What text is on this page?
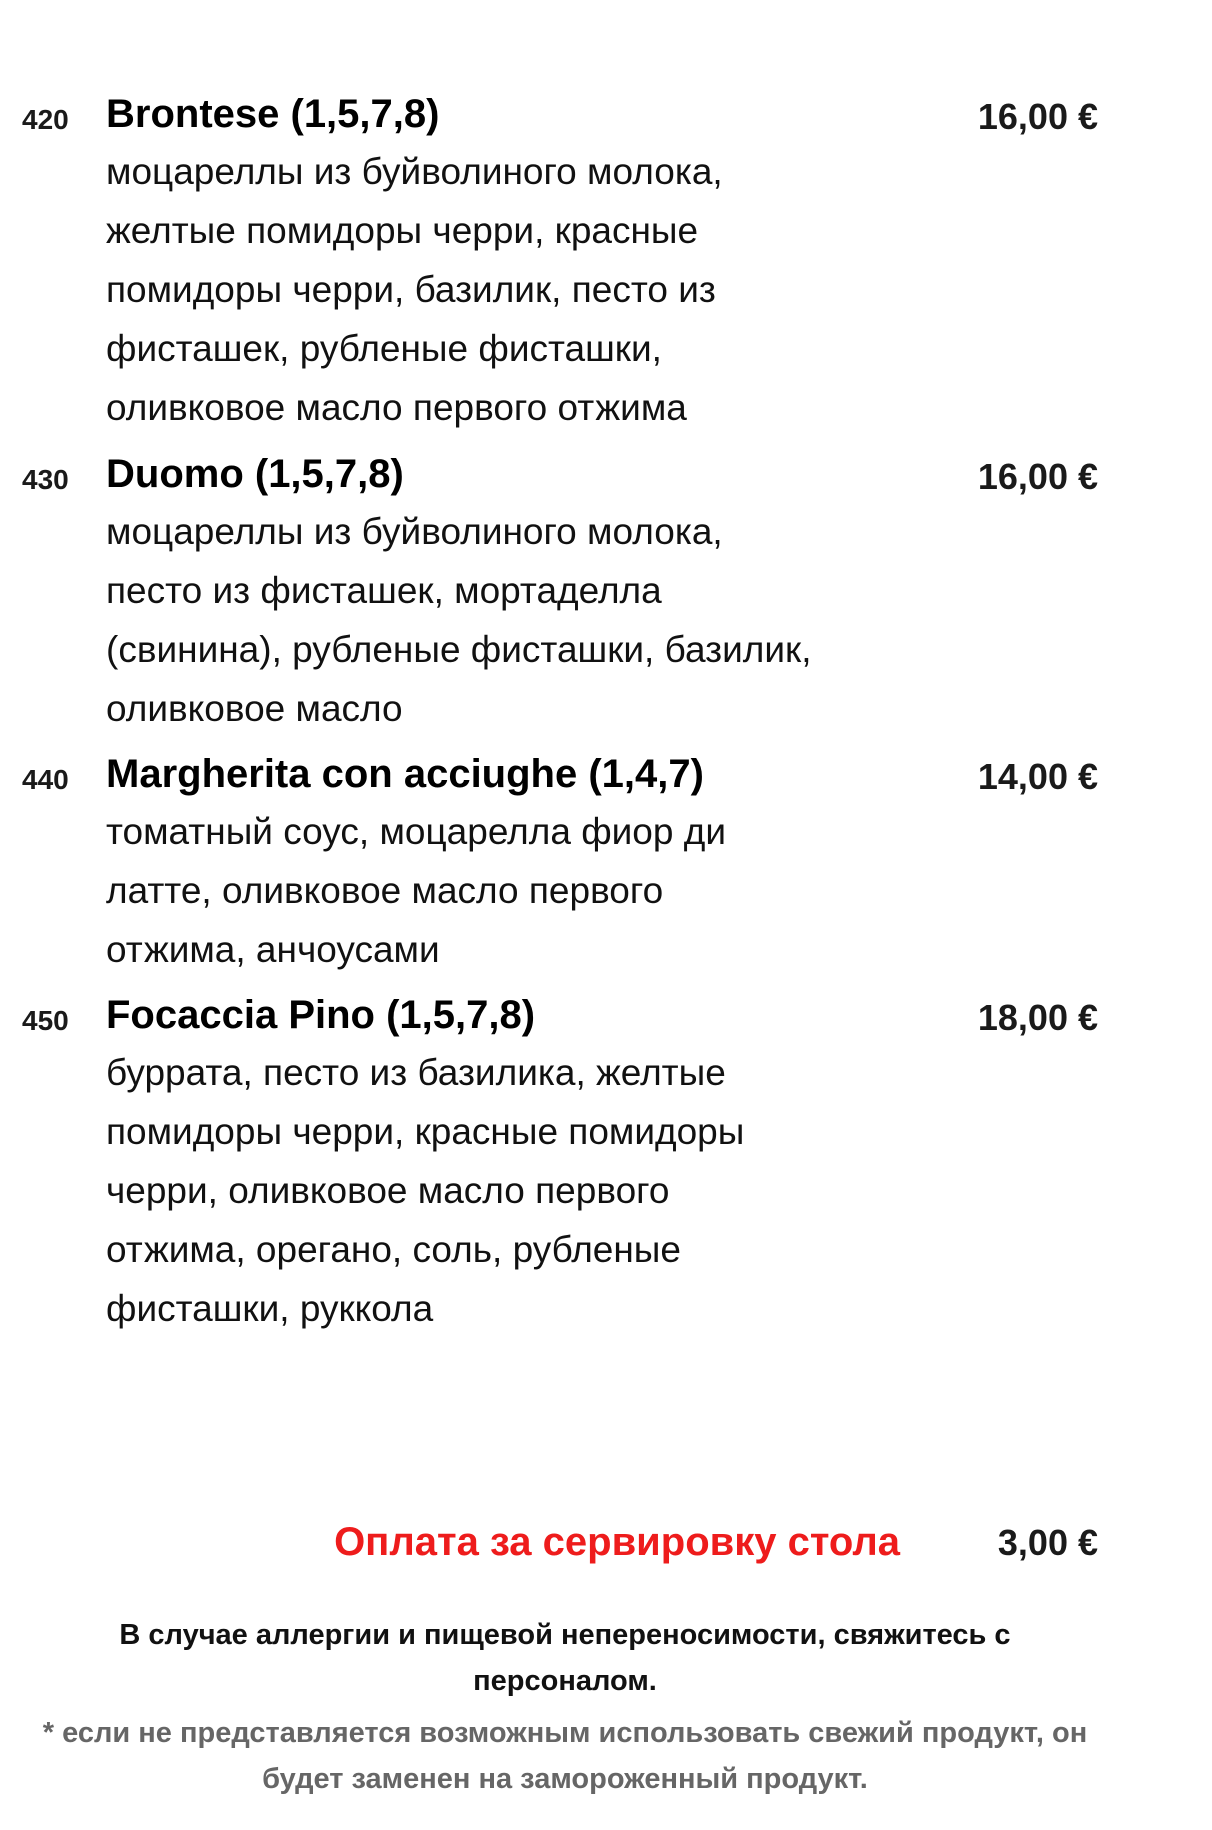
420 Brontese (1,5,7,8)	16,00 €
моцареллы из буйволиного молока,
желтые помидоры черри, красные
помидоры черри, базилик, песто из
фисташек, рубленые фисташки,
оливковое масло первого отжима
430 Duomo (1,5,7,8)	16,00 €
моцареллы из буйволиного молока,
песто из фисташек, мортаделла
(свинина), рубленые фисташки, базилик,
оливковое масло
440 Margherita con acciughe (1,4,7)	14,00 €
томатный соус, моцарелла фиор ди
латте, оливковое масло первого
отжима, анчоусами
450 Focaccia Pino (1,5,7,8)	18,00 €
буррата, песто из базилика, желтые
помидоры черри, красные помидоры
черри, оливковое масло первого
отжима, орегано, соль, рубленые
фисташки, руккола
Оплата за сервировку стола	3,00 €
В случае аллергии и пищевой непереносимости, свяжитесь с персоналом.
* если не представляется возможным использовать свежий продукт, он будет заменен на замороженный продукт.
